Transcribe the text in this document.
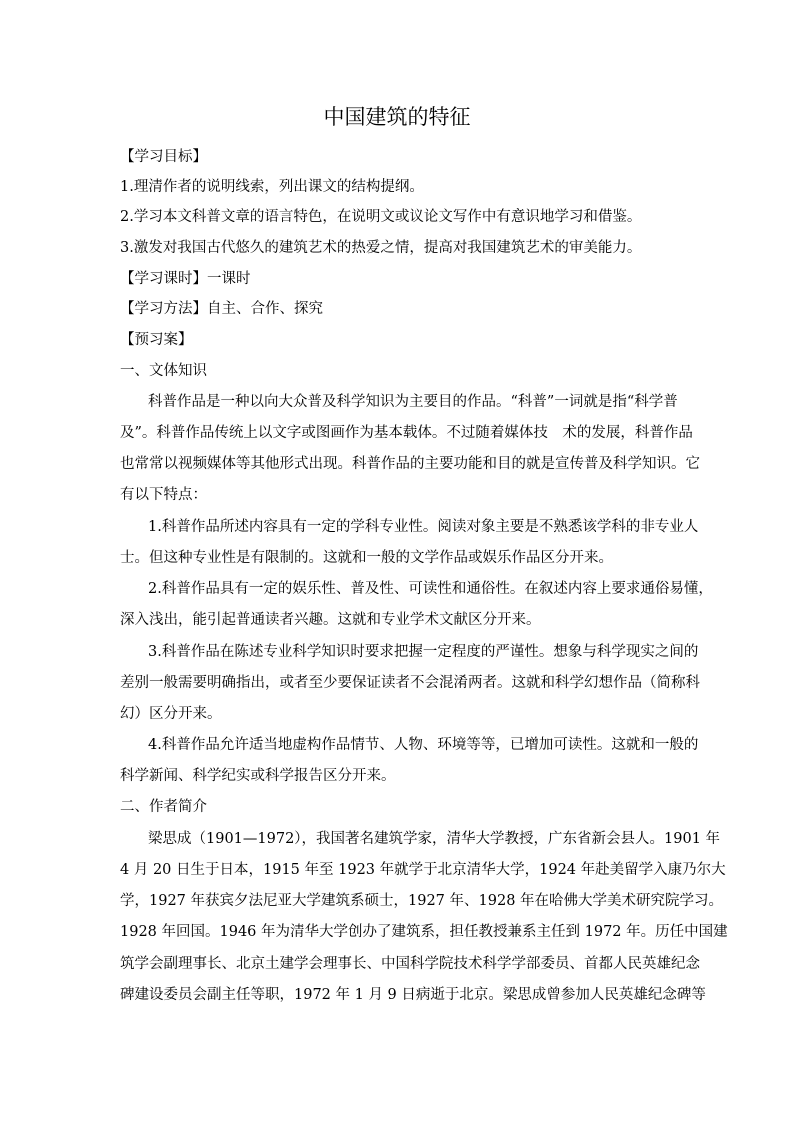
中国建筑的特征
【学习目标】
1.理清作者的说明线索，列出课文的结构提纲。
2.学习本文科普文章的语言特色，在说明文或议论文写作中有意识地学习和借鉴。
3.激发对我国古代悠久的建筑艺术的热爱之情，提高对我国建筑艺术的审美能力。
【学习课时】一课时
【学习方法】自主、合作、探究
【预习案】
一、文体知识
科普作品是一种以向大众普及科学知识为主要目的作品。“科普”一词就是指“科学普
及”。科普作品传统上以文字或图画作为基本载体。不过随着媒体技　术的发展，科普作品
也常常以视频媒体等其他形式出现。科普作品的主要功能和目的就是宣传普及科学知识。它
有以下特点：
1.科普作品所述内容具有一定的学科专业性。阅读对象主要是不熟悉该学科的非专业人
士。但这种专业性是有限制的。这就和一般的文学作品或娱乐作品区分开来。
2.科普作品具有一定的娱乐性、普及性、可读性和通俗性。在叙述内容上要求通俗易懂，
深入浅出，能引起普通读者兴趣。这就和专业学术文献区分开来。
3.科普作品在陈述专业科学知识时要求把握一定程度的严谨性。想象与科学现实之间的
差别一般需要明确指出，或者至少要保证读者不会混淆两者。这就和科学幻想作品（简称科
幻）区分开来。
4.科普作品允许适当地虚构作品情节、人物、环境等等，已增加可读性。这就和一般的
科学新闻、科学纪实或科学报告区分开来。
二、作者简介
梁思成（1901—1972），我国著名建筑学家，清华大学教授，广东省新会县人。1901 年
4 月 20 日生于日本，1915 年至 1923 年就学于北京清华大学，1924 年赴美留学入康乃尔大
学，1927 年获宾夕法尼亚大学建筑系硕士，1927 年、1928 年在哈佛大学美术研究院学习。
1928 年回国。1946 年为清华大学创办了建筑系，担任教授兼系主任到 1972 年。历任中国建
筑学会副理事长、北京土建学会理事长、中国科学院技术科学学部委员、首都人民英雄纪念
碑建设委员会副主任等职，1972 年 1 月 9 日病逝于北京。梁思成曾参加人民英雄纪念碑等
